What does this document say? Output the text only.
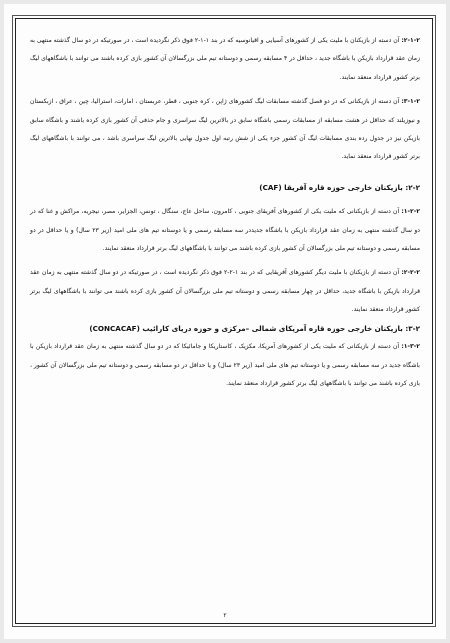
۲-۱-۲: آن دسته از بازیکنان با ملیت یکی از کشورهای آسیایی و اقیانوسیه که در بند ۱-۱-۲ فوق ذکر نگردیده است ، در صورتیکه در دو سال گذشته منتهی به زمان عقد قرارداد بازیکن با باشگاه جدید ، حداقل در ۴ مسابقه رسمی و دوستانه تیم ملی بزرگسالان آن کشور بازی کرده باشند می توانند با باشگاههای لیگ برتر کشور قرارداد منعقد نمایند.

۳-۱-۲: آن دسته از بازیکنانی که در دو فصل گذشته مسابقات لیگ کشورهای ژاپن ، کره جنوبی ، قطر، عربستان ، امارات، استرالیا، چین ، عراق ، ازبکستان و نیوزیلند که حداقل در هشت مسابقه از مسابقات رسمی باشگاه سابق در بالاترین لیگ سراسری و جام حذفی آن کشور بازی کرده باشند و باشگاه سابق بازیکن نیز در جدول رده بندی مسابقات لیگ آن کشور جزء یکی از شش رتبه اول جدول نهایی بالاترین لیگ سراسری باشد ، می توانند با باشگاههای لیگ برتر کشور قرارداد منعقد نماید.

۲-۲: بازیکنان خارجی حوزه قاره آفریقا (CAF)

۱-۲-۲: آن دسته از بازیکنانی که ملیت یکی از کشورهای آفریقای جنوبی ، کامرون، ساحل عاج، سنگال ، تونس، الجزایر، مصر، نیجریه، مراکش و غنا که در دو سال گذشته منتهی به زمان عقد قرارداد بازیکن با باشگاه جدیددر سه مسابقه رسمی و یا دوستانه تیم های ملی امید (زیر ۲۳ سال) و یا حداقل در دو مسابقه رسمی و دوستانه تیم ملی بزرگسالان آن کشور بازی کرده باشند می توانند با باشگاههای لیگ برتر قرارداد منعقد نمایند.

۲-۲-۲: آن دسته از بازیکنان با ملیت دیگر کشورهای آفریقایی که در بند ۱-۲-۲ فوق ذکر نگردیده است ، در صورتیکه در دو سال گذشته منتهی به زمان عقد قرارداد بازیکن با باشگاه جدید، حداقل در چهار مسابقه رسمی و دوستانه تیم ملی بزرگسالان آن کشور بازی کرده باشند می توانند با باشگاههای لیگ برتر کشور قرارداد منعقد نمایند.

۳-۲: بازیکنان خارجی حوزه قاره آمریکای شمالی –مرکزی و حوزه دریای کارائیب (CONCACAF)

۱-۳-۲: آن دسته از بازیکنانی که ملیت یکی از کشورهای آمریکا، مکزیک ، کاستاریکا و جامائیکا که در دو سال گذشته منتهی به زمان عقد قرارداد بازیکن با باشگاه جدید در سه مسابقه رسمی و یا دوستانه تیم های ملی امید (زیر ۲۳ سال) و یا حداقل در دو مسابقه رسمی و دوستانه تیم ملی بزرگسالان آن کشور ، بازی کرده باشند می توانند با باشگاههای لیگ برتر کشور قرارداد منعقد نمایند.

۲
